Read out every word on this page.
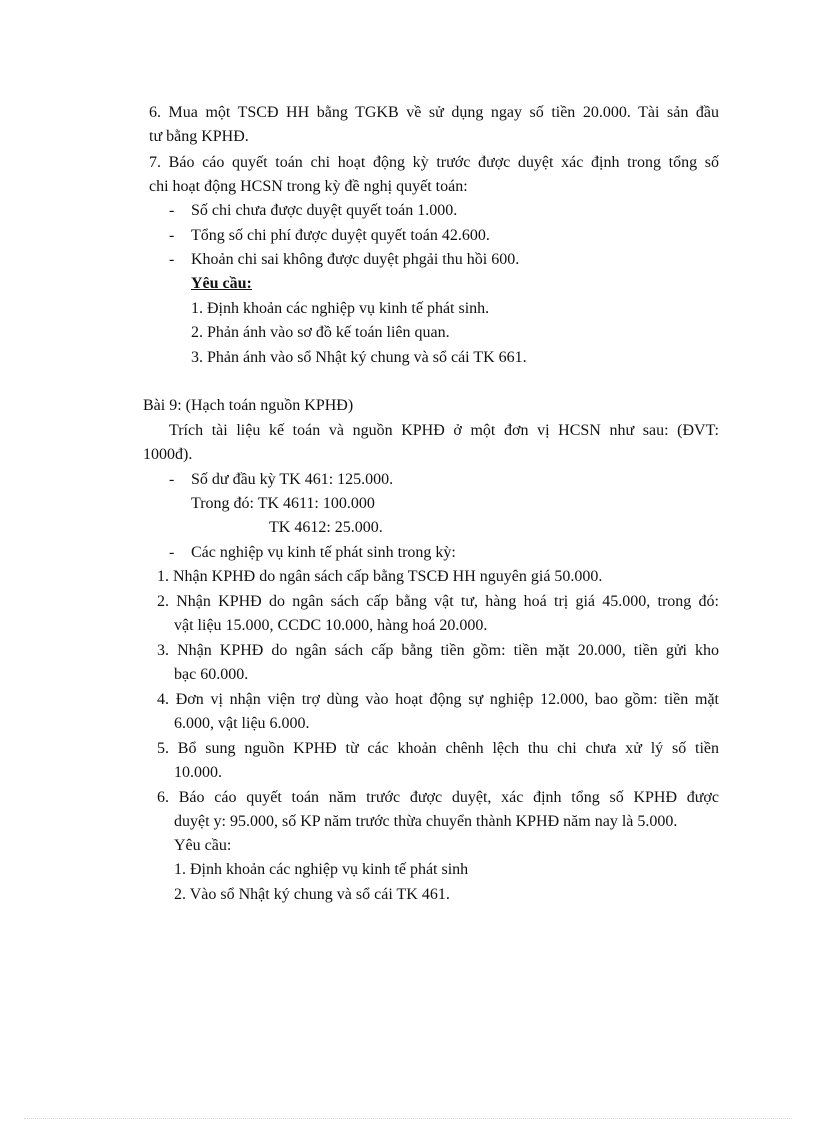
6. Mua một TSCĐ HH bằng TGKB về sử dụng ngay số tiền 20.000. Tài sản đầu
tư bằng KPHĐ.
7. Báo cáo quyết toán chi hoạt động kỳ trước được duyệt xác định trong tổng số
chi hoạt động HCSN trong kỳ đề nghị quyết toán:
- Số chi chưa được duyệt quyết toán 1.000.
- Tổng số chi phí được duyệt quyết toán 42.600.
- Khoản chi sai không được duyệt phgải thu hồi 600.
Yêu cầu:
1. Định khoản các nghiệp vụ kinh tế phát sinh.
2. Phản ánh vào sơ đồ kế toán liên quan.
3. Phản ánh vào sổ Nhật ký chung và sổ cái TK 661.
Bài 9: (Hạch toán nguồn KPHĐ)
Trích tài liệu kế toán và nguồn KPHĐ ở một đơn vị HCSN như sau: (ĐVT:
1000đ).
- Số dư đầu kỳ TK 461: 125.000.
Trong đó: TK 4611: 100.000
TK 4612: 25.000.
- Các nghiệp vụ kinh tế phát sinh trong kỳ:
1. Nhận KPHĐ do ngân sách cấp bằng TSCĐ HH nguyên giá 50.000.
2. Nhận KPHĐ do ngân sách cấp bằng vật tư, hàng hoá trị giá 45.000, trong đó:
vật liệu 15.000, CCDC 10.000, hàng hoá 20.000.
3. Nhận KPHĐ do ngân sách cấp bằng tiền gồm: tiền mặt 20.000, tiền gửi kho
bạc 60.000.
4. Đơn vị nhận viện trợ dùng vào hoạt động sự nghiệp 12.000, bao gồm: tiền mặt
6.000, vật liệu 6.000.
5. Bổ sung nguồn KPHĐ từ các khoản chênh lệch thu chi chưa xử lý số tiền
10.000.
6. Báo cáo quyết toán năm trước được duyệt, xác định tổng số KPHĐ được
duyệt y: 95.000, số KP năm trước thừa chuyển thành KPHĐ năm nay là 5.000.
Yêu cầu:
1. Định khoản các nghiệp vụ kinh tế phát sinh
2. Vào sổ Nhật ký chung và sổ cái TK 461.
